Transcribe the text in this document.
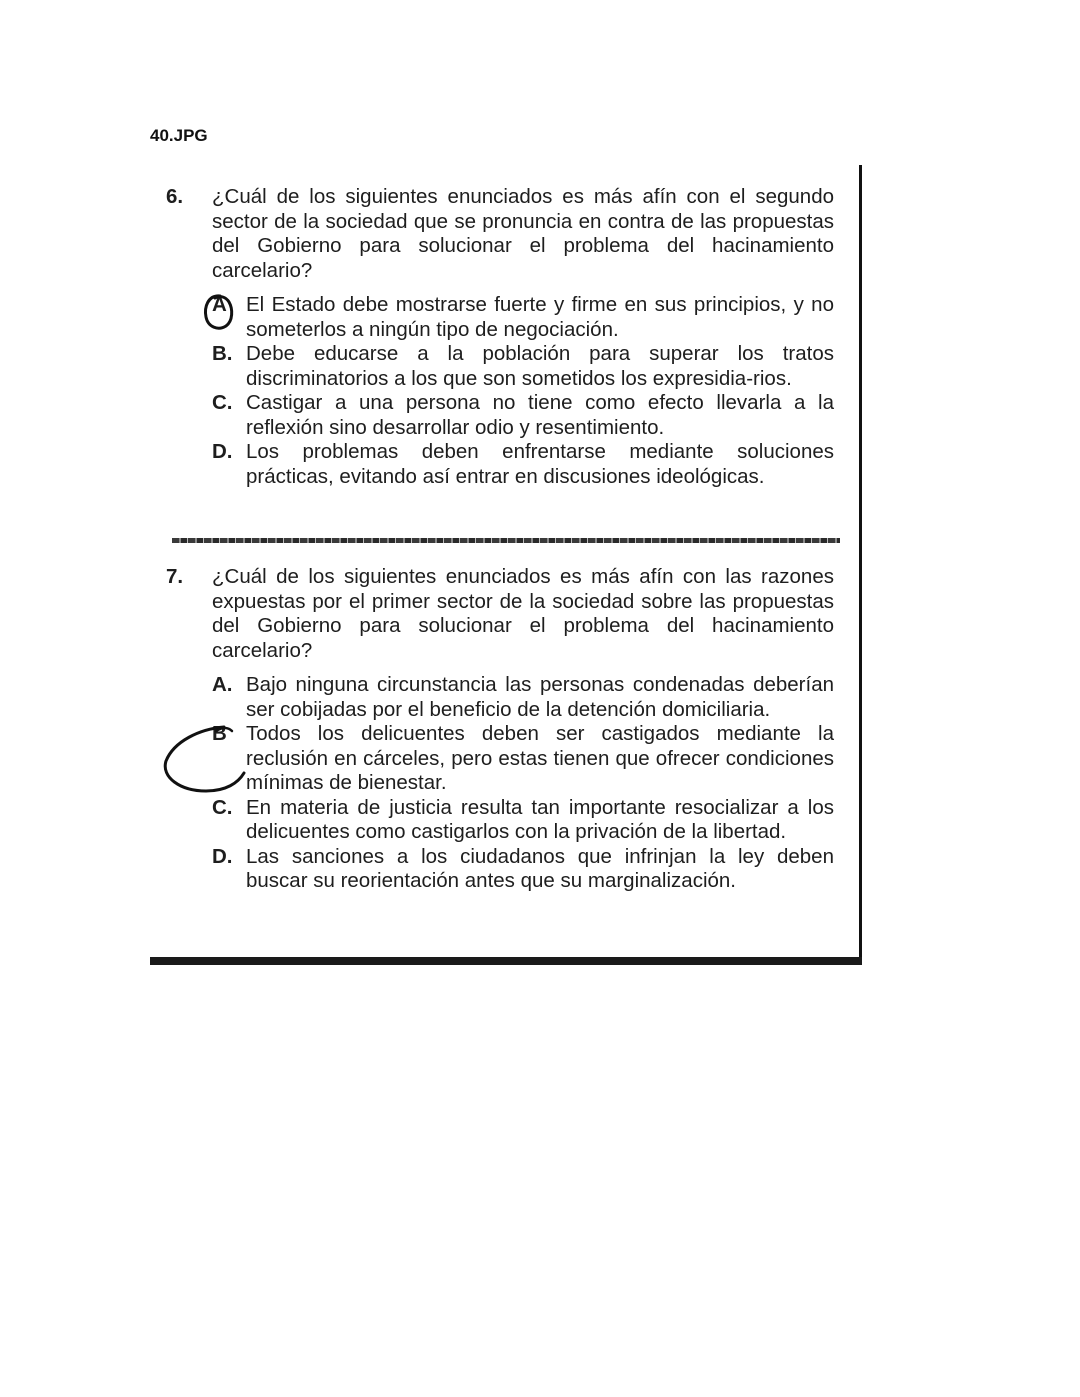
40.JPG
6.	¿Cuál de los siguientes enunciados es más afín con el segundo sector de la sociedad que se pronuncia en contra de las propuestas del Gobierno para solucionar el problema del hacinamiento carcelario?
A El Estado debe mostrarse fuerte y firme en sus principios, y no someterlos a ningún tipo de negociación.
B. Debe educarse a la población para superar los tratos discriminatorios a los que son sometidos los expresidia-rios.
C. Castigar a una persona no tiene como efecto llevarla a la reflexión sino desarrollar odio y resentimiento.
D. Los problemas deben enfrentarse mediante soluciones prácticas, evitando así entrar en discusiones ideológicas.
7.	¿Cuál de los siguientes enunciados es más afín con las razones expuestas por el primer sector de la sociedad sobre las propuestas del Gobierno para solucionar el problema del hacinamiento carcelario?
A. Bajo ninguna circunstancia las personas condenadas deberían ser cobijadas por el beneficio de la detención domiciliaria.
B Todos los delicuentes deben ser castigados mediante la reclusión en cárceles, pero estas tienen que ofrecer condiciones mínimas de bienestar.
C. En materia de justicia resulta tan importante resocializar a los delicuentes como castigarlos con la privación de la libertad.
D. Las sanciones a los ciudadanos que infrinjan la ley deben buscar su reorientación antes que su marginalización.
